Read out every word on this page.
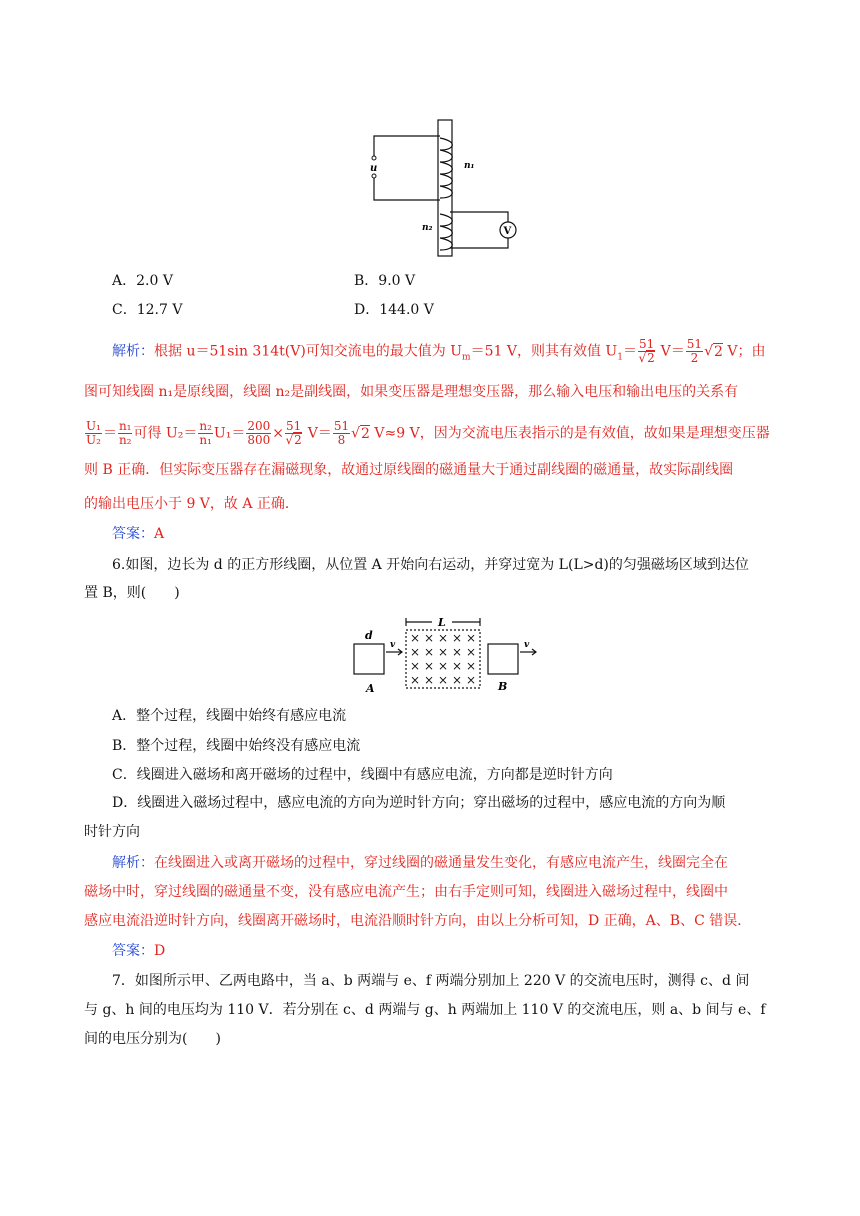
u	n₁
n₂	V
A．2.0 V	B．9.0 V
C．12.7 V	D．144.0 V
解析：根据 u＝51sin 314t(V)可知交流电的最大值为 $U_m=51$ V，则其有效值 $U_1= \frac{51}{√2} V= \frac{51}{2} √2$ V；由
图可知线圈 n₁是原线圈，线圈 n₂是副线圈，如果变压器是理想变压器，那么输入电压和输出电压的关系有
$\frac{\text{U₁}}{\text{U₂}} = \frac{\text{n₁}}{\text{n₂}}$ 可得 $U_2= \frac{\text{n₂}}{\text{n₁}} U_1= \frac{200}{800} \times \frac{51}{√2} V= \frac{51}{8} √2$ V≈9 V，因为交流电压表指示的是有效值，故如果是理想变压器
则 B 正确．但实际变压器存在漏磁现象，故通过原线圈的磁通量大于通过副线圈的磁通量，故实际副线圈
的输出电压小于 9 V，故 A 正确．
答案：A
6.如图，边长为 d 的正方形线圈，从位置 A 开始向右运动，并穿过宽为 L(L>d)的匀强磁场区域到达位
置 B，则(　　)
× × × × ×
× × × × ×
× × × × ×
× × × × ×
d
v
L
v
A	B
A．整个过程，线圈中始终有感应电流
B．整个过程，线圈中始终没有感应电流
C．线圈进入磁场和离开磁场的过程中，线圈中有感应电流，方向都是逆时针方向
D．线圈进入磁场过程中，感应电流的方向为逆时针方向；穿出磁场的过程中，感应电流的方向为顺
时针方向
解析：在线圈进入或离开磁场的过程中，穿过线圈的磁通量发生变化，有感应电流产生，线圈完全在
磁场中时，穿过线圈的磁通量不变，没有感应电流产生；由右手定则可知，线圈进入磁场过程中，线圈中
感应电流沿逆时针方向，线圈离开磁场时，电流沿顺时针方向，由以上分析可知，D 正确，A、B、C 错误．
答案：D
7．如图所示甲、乙两电路中，当 a、b 两端与 e、f 两端分别加上 220 V 的交流电压时，测得 c、d 间
与 g、h 间的电压均为 110 V．若分别在 c、d 两端与 g、h 两端加上 110 V 的交流电压，则 a、b 间与 e、f
间的电压分别为(　　)
